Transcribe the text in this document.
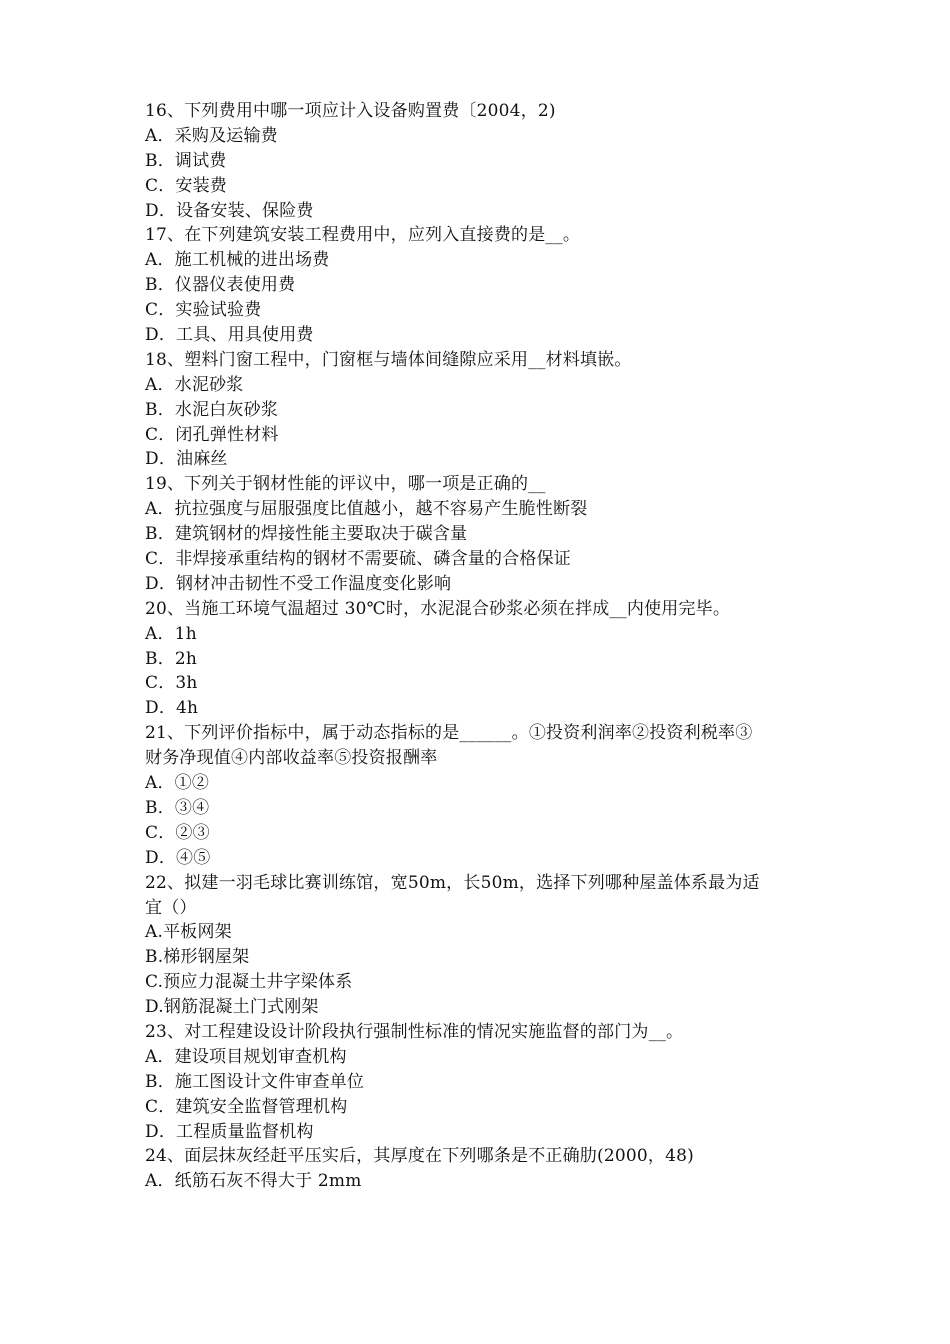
16、下列费用中哪一项应计入设备购置费〔2004，2)
A．采购及运输费
B．调试费
C．安装费
D．设备安装、保险费
17、在下列建筑安装工程费用中，应列入直接费的是__。
A．施工机械的进出场费
B．仪器仪表使用费
C．实验试验费
D．工具、用具使用费
18、塑料门窗工程中，门窗框与墙体间缝隙应采用__材料填嵌。
A．水泥砂浆
B．水泥白灰砂浆
C．闭孔弹性材料
D．油麻丝
19、下列关于钢材性能的评议中，哪一项是正确的__
A．抗拉强度与屈服强度比值越小，越不容易产生脆性断裂
B．建筑钢材的焊接性能主要取决于碳含量
C．非焊接承重结构的钢材不需要硫、磷含量的合格保证
D．钢材冲击韧性不受工作温度变化影响
20、当施工环境气温超过 30℃时，水泥混合砂浆必须在拌成__内使用完毕。
A．1h
B．2h
C．3h
D．4h
21、下列评价指标中，属于动态指标的是______。①投资利润率②投资利税率③
财务净现值④内部收益率⑤投资报酬率
A．①②
B．③④
C．②③
D．④⑤
22、拟建一羽毛球比赛训练馆，宽50m，长50m，选择下列哪种屋盖体系最为适
宜（）
A.平板网架
B.梯形钢屋架
C.预应力混凝土井字梁体系
D.钢筋混凝土门式刚架
23、对工程建设设计阶段执行强制性标准的情况实施监督的部门为__。
A．建设项目规划审查机构
B．施工图设计文件审查单位
C．建筑安全监督管理机构
D．工程质量监督机构
24、面层抹灰经赶平压实后，其厚度在下列哪条是不正确肋(2000，48)
A．纸筋石灰不得大于 2mm
